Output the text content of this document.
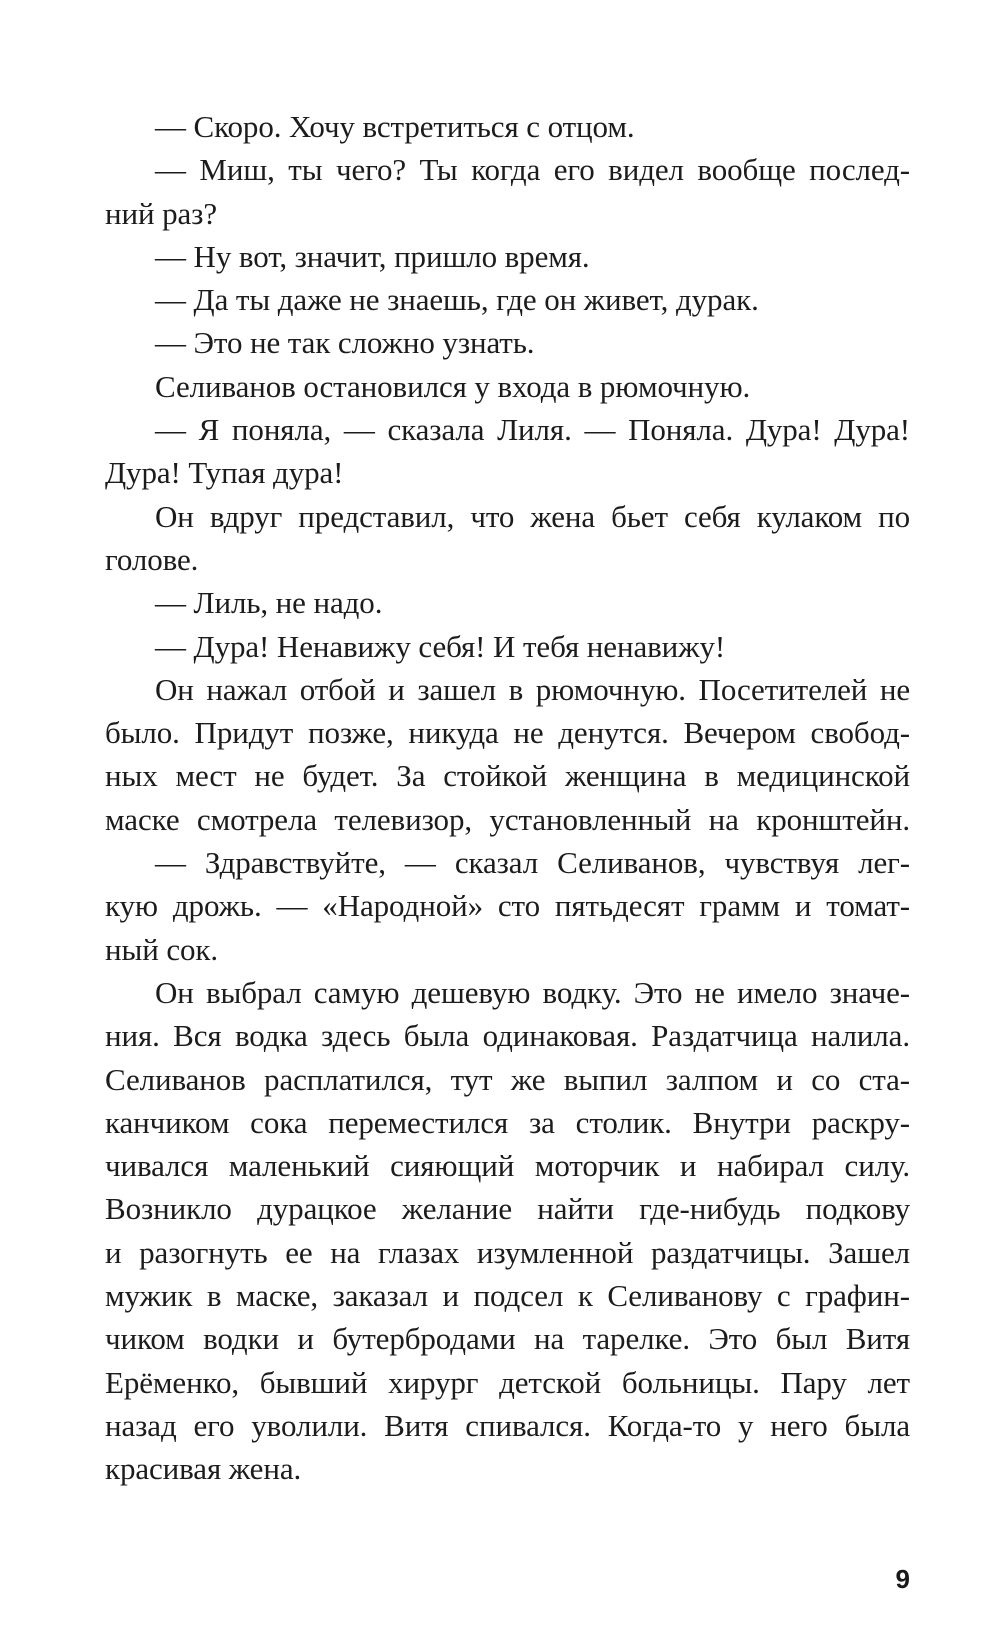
— Скоро. Хочу встретиться с отцом.
— Миш, ты чего? Ты когда его видел вообще послед-
ний раз?
— Ну вот, значит, пришло время.
— Да ты даже не знаешь, где он живет, дурак.
— Это не так сложно узнать.
Селиванов остановился у входа в рюмочную.
— Я поняла, — сказала Лиля. — Поняла. Дура! Дура!
Дура! Тупая дура!
Он вдруг представил, что жена бьет себя кулаком по
голове.
— Лиль, не надо.
— Дура! Ненавижу себя! И тебя ненавижу!
Он нажал отбой и зашел в рюмочную. Посетителей не
было. Придут позже, никуда не денутся. Вечером свобод-
ных мест не будет. За стойкой женщина в медицинской
маске смотрела телевизор, установленный на кронштейн.
— Здравствуйте, — сказал Селиванов, чувствуя лег-
кую дрожь. — «Народной» сто пятьдесят грамм и томат-
ный сок.
Он выбрал самую дешевую водку. Это не имело значе-
ния. Вся водка здесь была одинаковая. Раздатчица налила.
Селиванов расплатился, тут же выпил залпом и со ста-
канчиком сока переместился за столик. Внутри раскру-
чивался маленький сияющий моторчик и набирал силу.
Возникло дурацкое желание найти где-нибудь подкову
и разогнуть ее на глазах изумленной раздатчицы. Зашел
мужик в маске, заказал и подсел к Селиванову с графин-
чиком водки и бутербродами на тарелке. Это был Витя
Ерёменко, бывший хирург детской больницы. Пару лет
назад его уволили. Витя спивался. Когда-то у него была
красивая жена.
9
